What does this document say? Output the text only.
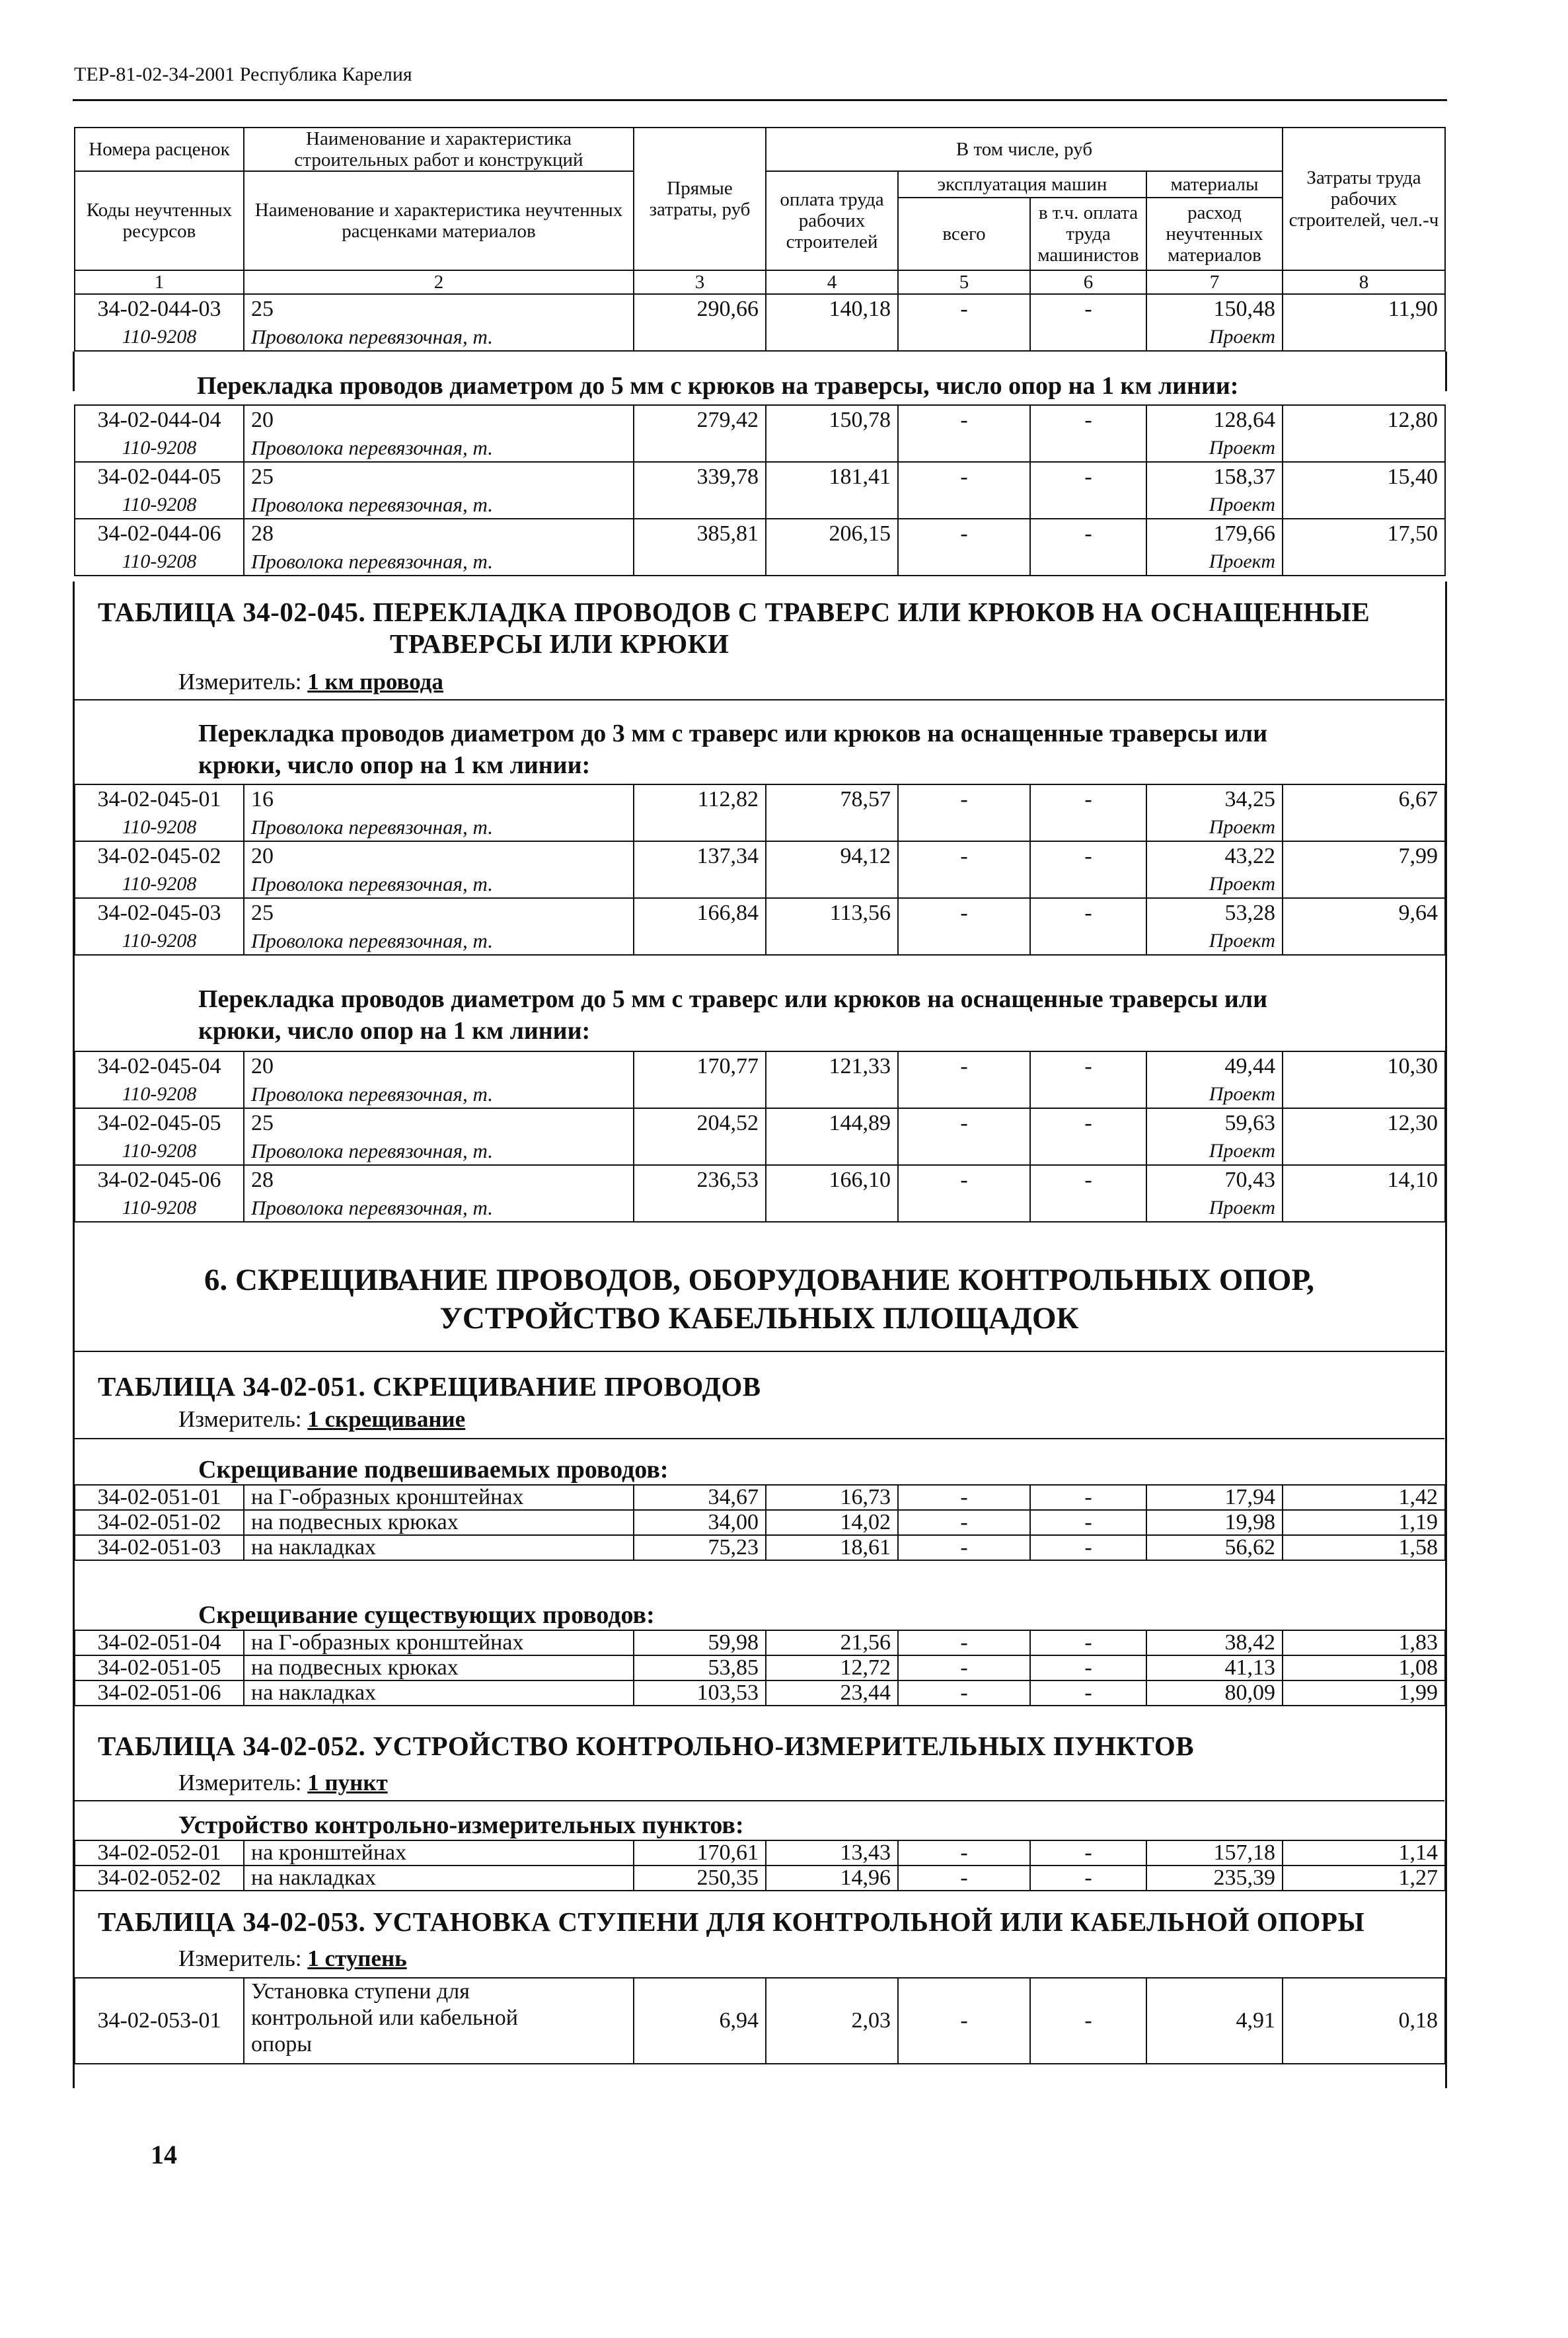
ТЕР-81-02-34-2001 Республика Карелия
Номера расценок	Наименование и характеристика строительных работ и конструкций	Прямые затраты, руб	В том числе, руб				Затраты труда рабочих строителей, чел.-ч
Коды неучтенных ресурсов	Наименование и характеристика неучтенных расценками материалов		оплата труда рабочих строителей	эксплуатация машин		материалы	
				всего	в т.ч. оплата труда машинистов	расход неучтенных материалов	
1	2	3	4	5	6	7	8
34-02-044-03	25	290,66	140,18	-	-	150,48	11,90
110-9208	Проволока перевязочная, т.					Проект	
Перекладка проводов диаметром до 5 мм с крюков на траверсы, число опор на 1 км линии:
34-02-044-04	20	279,42	150,78	-	-	128,64	12,80
110-9208	Проволока перевязочная, т.					Проект	
34-02-044-05	25	339,78	181,41	-	-	158,37	15,40
110-9208	Проволока перевязочная, т.					Проект	
34-02-044-06	28	385,81	206,15	-	-	179,66	17,50
110-9208	Проволока перевязочная, т.					Проект	
ТАБЛИЦА 34-02-045. ПЕРЕКЛАДКА ПРОВОДОВ С ТРАВЕРС ИЛИ КРЮКОВ НА ОСНАЩЕННЫЕ
ТРАВЕРСЫ ИЛИ КРЮКИ
Измеритель: 1 км провода
Перекладка проводов диаметром до 3 мм с траверс или крюков на оснащенные траверсы или
крюки, число опор на 1 км линии:
34-02-045-01	16	112,82	78,57	-	-	34,25	6,67
110-9208	Проволока перевязочная, т.					Проект	
34-02-045-02	20	137,34	94,12	-	-	43,22	7,99
110-9208	Проволока перевязочная, т.					Проект	
34-02-045-03	25	166,84	113,56	-	-	53,28	9,64
110-9208	Проволока перевязочная, т.					Проект	
Перекладка проводов диаметром до 5 мм с траверс или крюков на оснащенные траверсы или
крюки, число опор на 1 км линии:
34-02-045-04	20	170,77	121,33	-	-	49,44	10,30
110-9208	Проволока перевязочная, т.					Проект	
34-02-045-05	25	204,52	144,89	-	-	59,63	12,30
110-9208	Проволока перевязочная, т.					Проект	
34-02-045-06	28	236,53	166,10	-	-	70,43	14,10
110-9208	Проволока перевязочная, т.					Проект	
6. СКРЕЩИВАНИЕ ПРОВОДОВ, ОБОРУДОВАНИЕ КОНТРОЛЬНЫХ ОПОР,
УСТРОЙСТВО КАБЕЛЬНЫХ ПЛОЩАДОК
ТАБЛИЦА 34-02-051. СКРЕЩИВАНИЕ ПРОВОДОВ
Измеритель: 1 скрещивание
Скрещивание подвешиваемых проводов:
34-02-051-01	на Г-образных кронштейнах	34,67	16,73	-	-	17,94	1,42
34-02-051-02	на подвесных крюках	34,00	14,02	-	-	19,98	1,19
34-02-051-03	на накладках	75,23	18,61	-	-	56,62	1,58
Скрещивание существующих проводов:
34-02-051-04	на Г-образных кронштейнах	59,98	21,56	-	-	38,42	1,83
34-02-051-05	на подвесных крюках	53,85	12,72	-	-	41,13	1,08
34-02-051-06	на накладках	103,53	23,44	-	-	80,09	1,99
ТАБЛИЦА 34-02-052. УСТРОЙСТВО КОНТРОЛЬНО-ИЗМЕРИТЕЛЬНЫХ ПУНКТОВ
Измеритель: 1 пункт
Устройство контрольно-измерительных пунктов:
34-02-052-01	на кронштейнах	170,61	13,43	-	-	157,18	1,14
34-02-052-02	на накладках	250,35	14,96	-	-	235,39	1,27
ТАБЛИЦА 34-02-053. УСТАНОВКА СТУПЕНИ ДЛЯ КОНТРОЛЬНОЙ ИЛИ КАБЕЛЬНОЙ ОПОРЫ
Измеритель: 1 ступень
34-02-053-01	Установка ступени для
контрольной или кабельной
опоры	6,94	2,03	-	-	4,91	0,18
14
